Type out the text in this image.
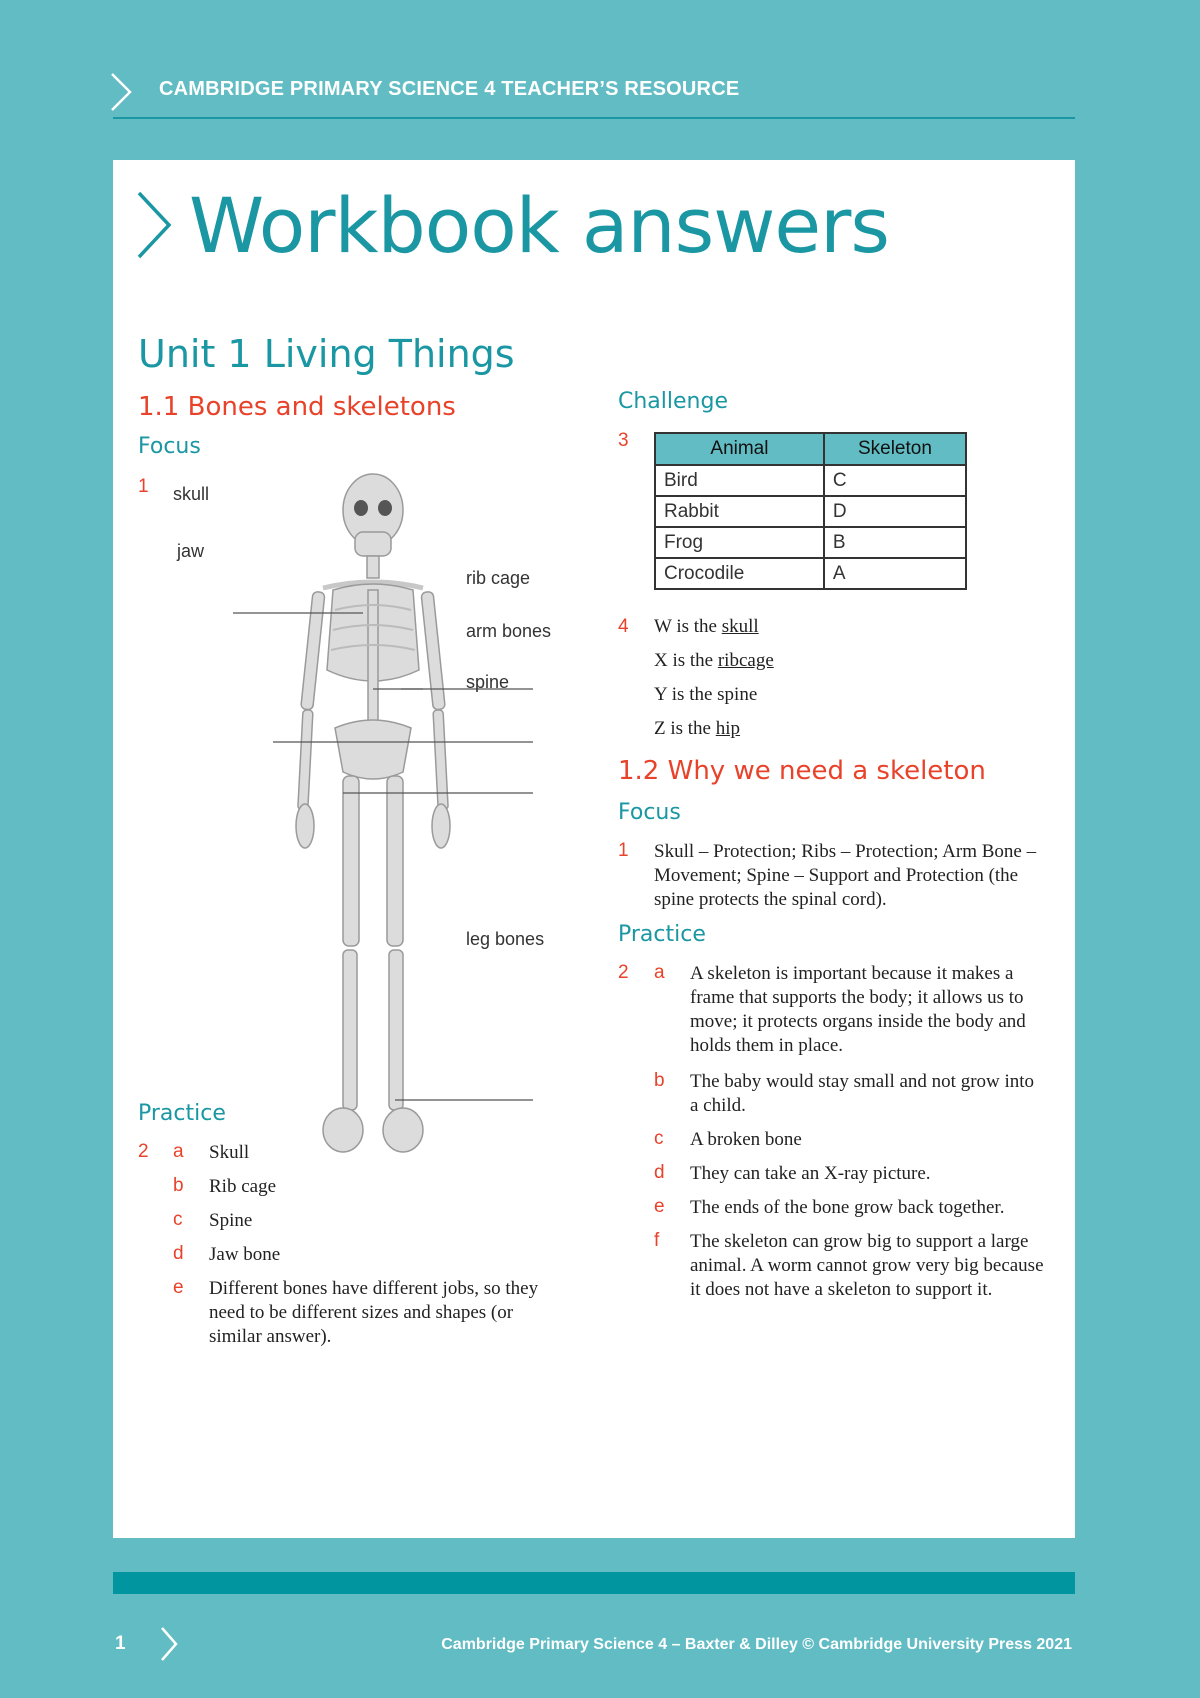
CAMBRIDGE PRIMARY SCIENCE 4 TEACHER’S RESOURCE
Workbook answers
Unit 1 Living Things
1.1 Bones and skeletons
Focus
1 skull
jaw
rib cage
arm bones
spine
leg bones
Practice
2 a	Skull
b	Rib cage
c	Spine
d	Jaw bone
e	Different bones have different jobs, so they need to be different sizes and shapes (or similar answer).
Challenge
3	Animal	Skeleton
Bird	C
Rabbit	D
Frog	B
Crocodile	A
4 W is the skull
X is the ribcage
Y is the spine
Z is the hip
1.2 Why we need a skeleton
Focus
1 Skull – Protection; Ribs – Protection; Arm Bone – Movement; Spine – Support and Protection (the spine protects the spinal cord).
Practice
2 a	A skeleton is important because it makes a frame that supports the body; it allows us to move; it protects organs inside the body and holds them in place.
b	The baby would stay small and not grow into a child.
c	A broken bone
d	They can take an X-ray picture.
e	The ends of the bone grow back together.
f	The skeleton can grow big to support a large animal. A worm cannot grow very big because it does not have a skeleton to support it.
1	Cambridge Primary Science 4 – Baxter & Dilley © Cambridge University Press 2021
